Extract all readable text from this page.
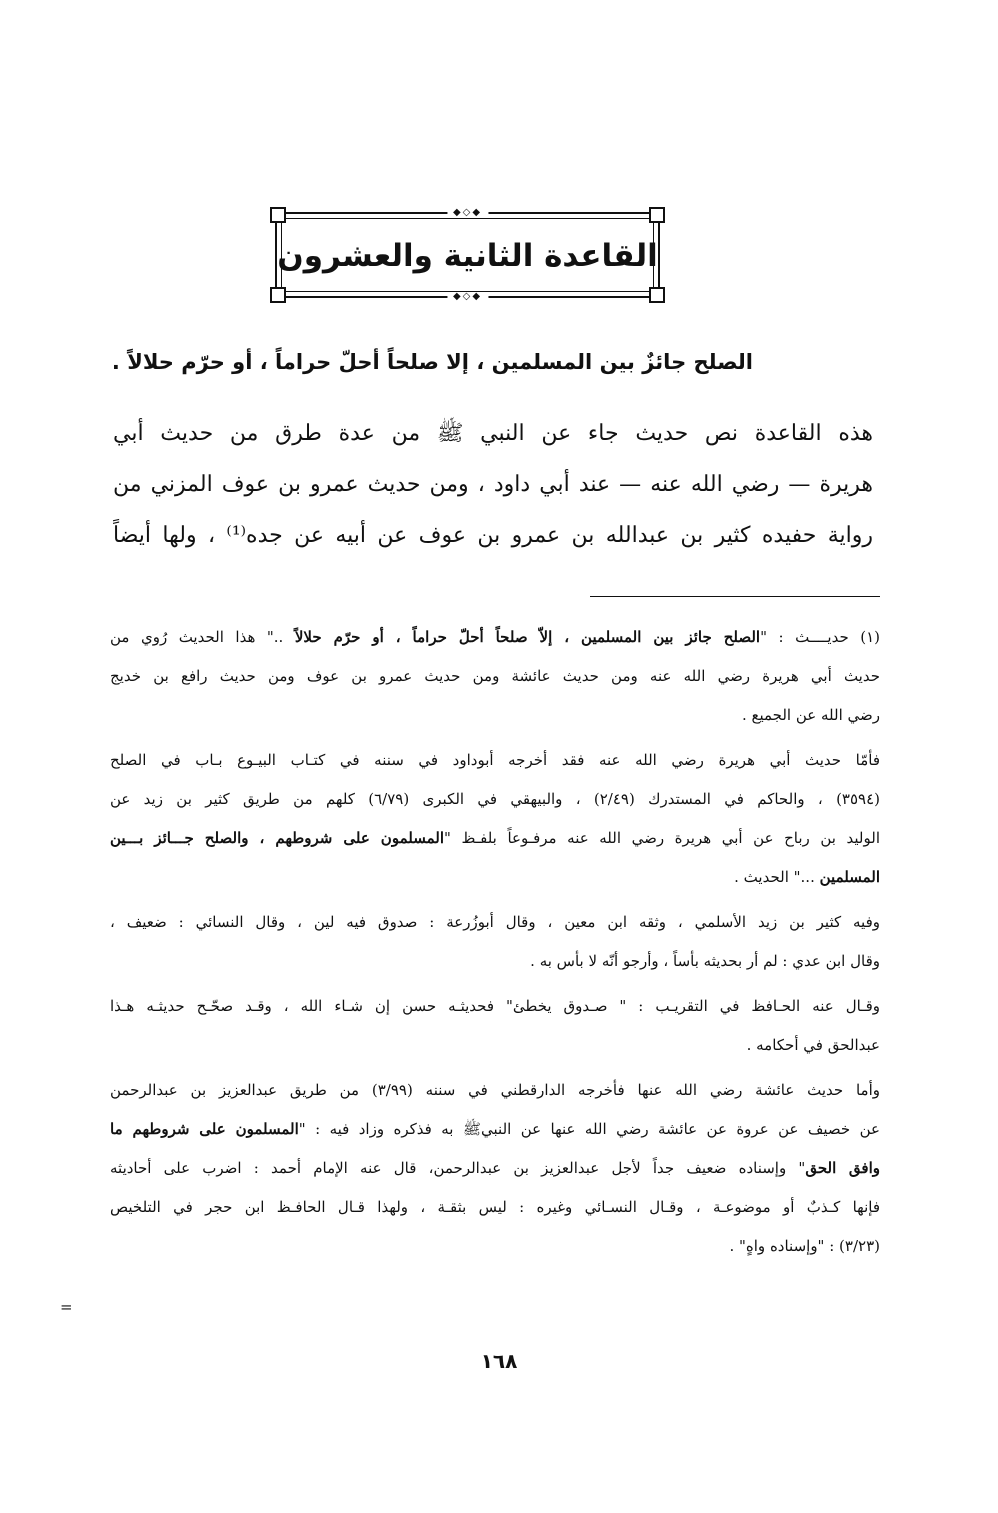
◆◇◆
◆◇◆
القاعدة الثانية والعشرون
الصلح جائزٌ بين المسلمين ، إلا صلحاً أحلّ حراماً ، أو حرّم حلالاً .
هذه القاعدة نص حديث جاء عن النبي ﷺ من عدة طرق من حديث أبي
هريرة — رضي الله عنه — عند أبي داود ، ومن حديث عمرو بن عوف المزني من
رواية حفيده كثير بن عبدالله بن عمرو بن عوف عن أبيه عن جده⁽¹⁾ ، ولها أيضاً
(١) حديــــث : "الصلح جائز بين المسلمين ، إلاّ صلحاً أحلّ حراماً ، أو حرّم حلالاً .." هذا الحديث رُوي من
حديث أبي هريرة رضي الله عنه ومن حديث عائشة ومن حديث عمرو بن عوف ومن حديث رافع بن خديج
رضي الله عن الجميع .
فأمّا حديث أبي هريرة رضي الله عنه فقد أخرجه أبوداود في سننه في كتـاب البيـوع بـاب في الصلح
(٣٥٩٤) ، والحاكم في المستدرك (٢/٤٩) ، والبيهقي في الكبرى (٦/٧٩) كلهم من طريق كثير بن زيد عن
الوليد بن رباح عن أبي هريرة رضي الله عنه مرفـوعاً بلفـظ "المسلمون على شروطهم ، والصلح جـــائز بـــين
المسلمين ..." الحديث .
وفيه كثير بن زيد الأسلمي ، وثقه ابن معين ، وقال أبوزُرعة : صدوق فيه لين ، وقال النسائي : ضعيف ،
وقال ابن عدي : لم أر بحديثه بأساً ، وأرجو أنّه لا بأس به .
وقـال عنه الحـافظ في التقريـب : " صـدوق يخطئ" فحديثـه حسن إن شـاء الله ، وقـد صحّـح حديثـه هـذا
عبدالحق في أحكامه .
وأما حديث عائشة رضي الله عنها فأخرجه الدارقطني في سننه (٣/٩٩) من طريق عبدالعزيز بن عبدالرحمن
عن خصيف عن عروة عن عائشة رضي الله عنها عن النبيﷺ به فذكره وزاد فيه : "المسلمون على شروطهم ما
وافق الحق" وإسناده ضعيف جداً لأجل عبدالعزيز بن عبدالرحمن، قال عنه الإمام أحمد : اضرب على أحاديثه
فإنها كـذبٌ أو موضوعـة ، وقـال النسـائي وغيره : ليس بثقـة ، ولهذا قـال الحافـظ ابن حجر في التلخيص
(٣/٢٣) : "وإسناده واهٍ" .
=
١٦٨
